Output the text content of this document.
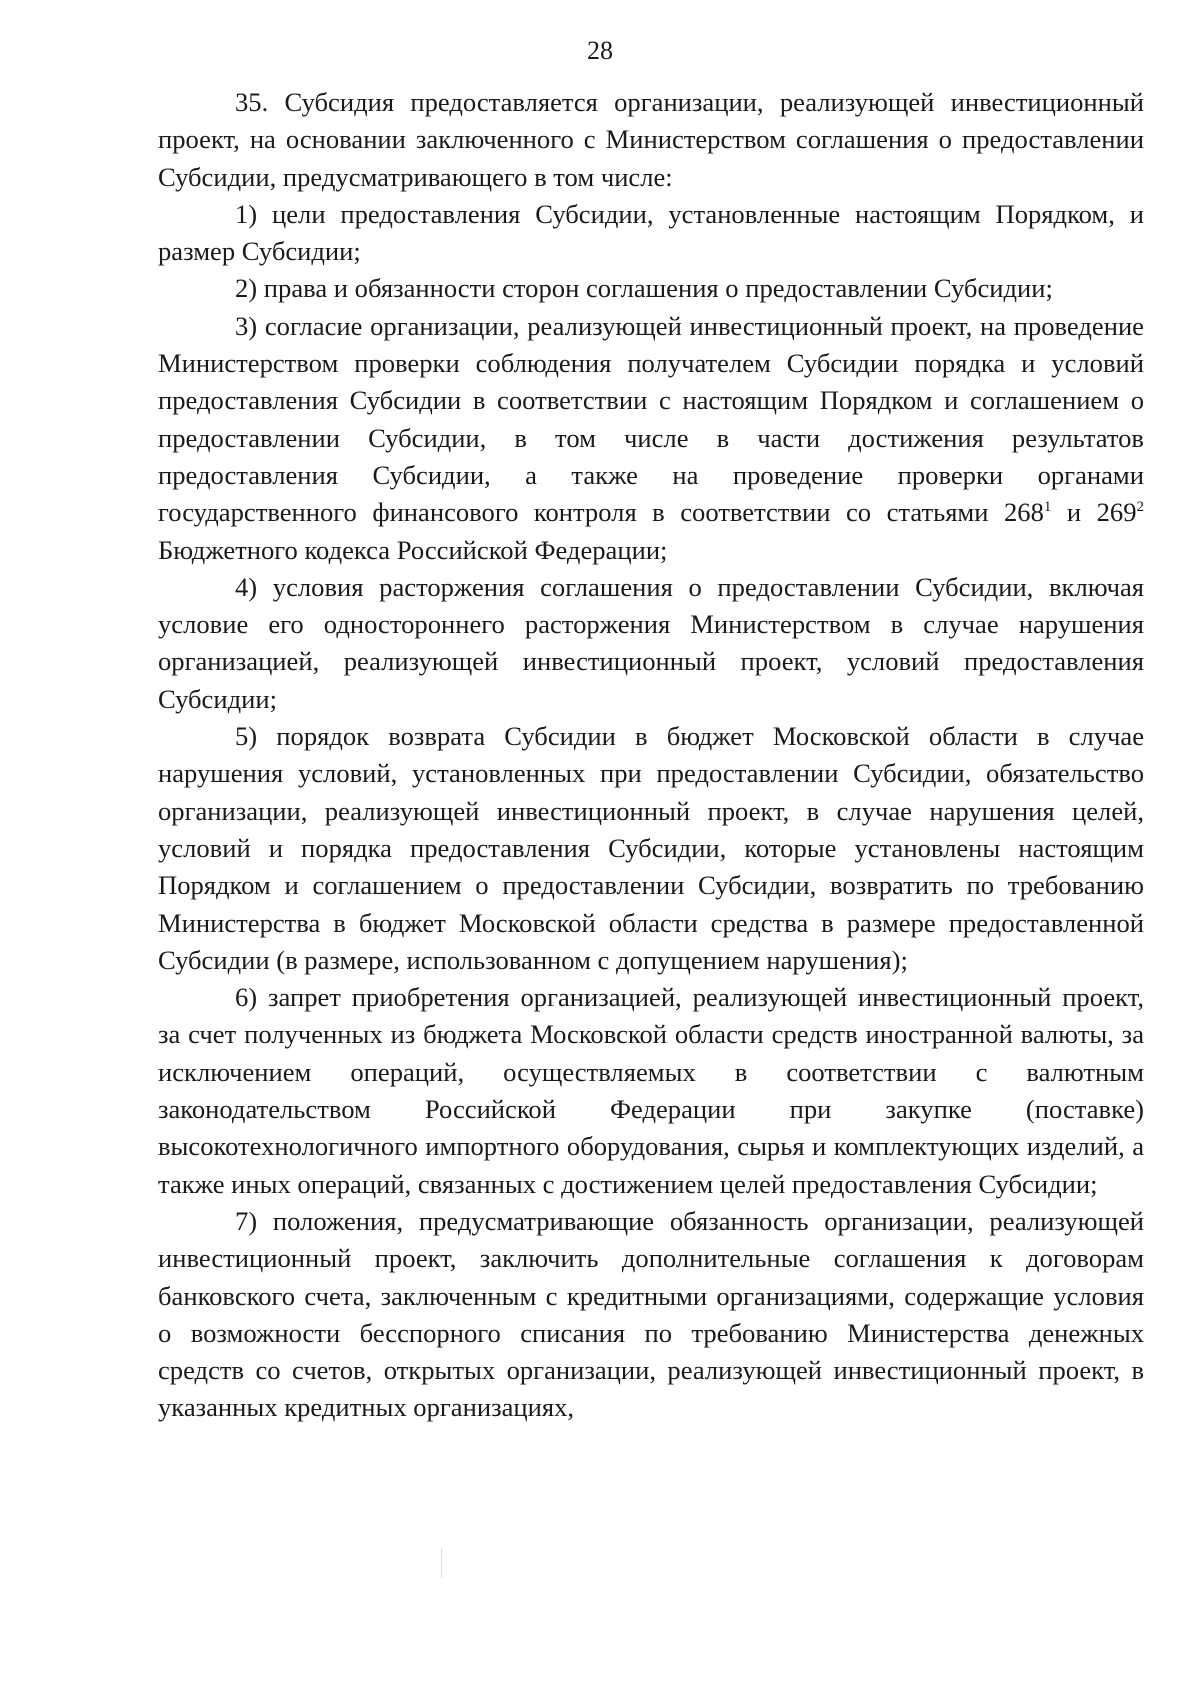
28

35. Субсидия предоставляется организации, реализующей инвестиционный проект, на основании заключенного с Министерством соглашения о предоставлении Субсидии, предусматривающего в том числе:

1) цели предоставления Субсидии, установленные настоящим Порядком, и размер Субсидии;

2) права и обязанности сторон соглашения о предоставлении Субсидии;

3) согласие организации, реализующей инвестиционный проект, на проведение Министерством проверки соблюдения получателем Субсидии порядка и условий предоставления Субсидии в соответствии с настоящим Порядком и соглашением о предоставлении Субсидии, в том числе в части достижения результатов предоставления Субсидии, а также на проведение проверки органами государственного финансового контроля в соответствии со статьями $268^1$ и $269^2$ Бюджетного кодекса Российской Федерации;

4) условия расторжения соглашения о предоставлении Субсидии, включая условие его одностороннего расторжения Министерством в случае нарушения организацией, реализующей инвестиционный проект, условий предоставления Субсидии;

5) порядок возврата Субсидии в бюджет Московской области в случае нарушения условий, установленных при предоставлении Субсидии, обязательство организации, реализующей инвестиционный проект, в случае нарушения целей, условий и порядка предоставления Субсидии, которые установлены настоящим Порядком и соглашением о предоставлении Субсидии, возвратить по требованию Министерства в бюджет Московской области средства в размере предоставленной Субсидии (в размере, использованном с допущением нарушения);

6) запрет приобретения организацией, реализующей инвестиционный проект, за счет полученных из бюджета Московской области средств иностранной валюты, за исключением операций, осуществляемых в соответствии с валютным законодательством Российской Федерации при закупке (поставке) высокотехнологичного импортного оборудования, сырья и комплектующих изделий, а также иных операций, связанных с достижением целей предоставления Субсидии;

7) положения, предусматривающие обязанность организации, реализующей инвестиционный проект, заключить дополнительные соглашения к договорам банковского счета, заключенным с кредитными организациями, содержащие условия о возможности бесспорного списания по требованию Министерства денежных средств со счетов, открытых организации, реализующей инвестиционный проект, в указанных кредитных организациях,
